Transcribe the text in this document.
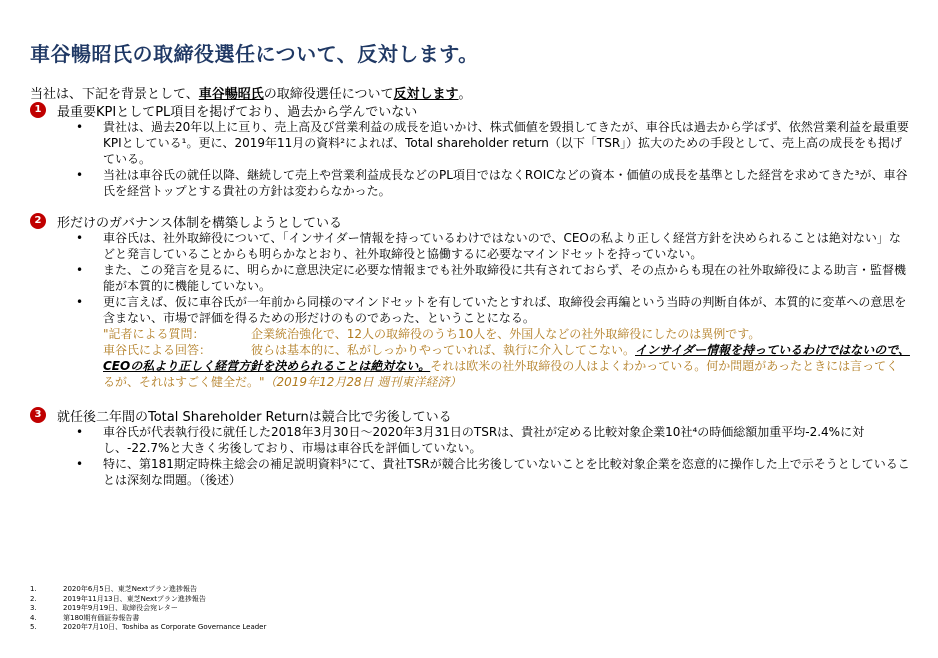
車谷暢昭氏の取締役選任について、反対します。
当社は、下記を背景として、車谷暢昭氏の取締役選任について反対します。
1	最重要KPIとしてPL項目を掲げており、過去から学んでいない
• 貴社は、過去20年以上に亘り、売上高及び営業利益の成長を追いかけ、株式価値を毀損してきたが、車谷氏は過去から学ばず、依然営業利益を最重要KPIとしている¹。更に、2019年11月の資料²によれば、Total shareholder return（以下「TSR」）拡大のための手段として、売上高の成長をも掲げている。
• 当社は車谷氏の就任以降、継続して売上や営業利益成長などのPL項目ではなくROICなどの資本・価値の成長を基準とした経営を求めてきた³が、車谷氏を経営トップとする貴社の方針は変わらなかった。
2	形だけのガバナンス体制を構築しようとしている
• 車谷氏は、社外取締役について、「インサイダー情報を持っているわけではないので、CEOの私より正しく経営方針を決められることは絶対ない」などと発言していることからも明らかなとおり、社外取締役と協働するに必要なマインドセットを持っていない。
• また、この発言を見るに、明らかに意思決定に必要な情報までも社外取締役に共有されておらず、その点からも現在の社外取締役による助言・監督機能が本質的に機能していない。
• 更に言えば、仮に車谷氏が一年前から同様のマインドセットを有していたとすれば、取締役会再編という当時の判断自体が、本質的に変革への意思を含まない、市場で評価を得るための形だけのものであった、ということになる。
"記者による質問：	企業統治強化で、12人の取締役のうち10人を、外国人などの社外取締役にしたのは異例です。
車谷氏による回答：	彼らは基本的に、私がしっかりやっていれば、執行に介入してこない。インサイダー情報を持っているわけではないので、CEOの私より正しく経営方針を決められることは絶対ない。それは欧米の社外取締役の人はよくわかっている。何か問題があったときには言ってくるが、それはすごく健全だ。"（2019年12月28日 週刊東洋経済）
3	就任後二年間のTotal Shareholder Returnは競合比で劣後している
• 車谷氏が代表執行役に就任した2018年3月30日～2020年3月31日のTSRは、貴社が定める比較対象企業10社⁴の時価総額加重平均-2.4%に対し、-22.7%と大きく劣後しており、市場は車谷氏を評価していない。
• 特に、第181期定時株主総会の補足説明資料⁵にて、貴社TSRが競合比劣後していないことを比較対象企業を恣意的に操作した上で示そうとしていることは深刻な問題。（後述）
1.	2020年6月5日、東芝Nextプラン進捗報告
2.	2019年11月13日、東芝Nextプラン進捗報告
3.	2019年9月19日、取締役会宛レター
4.	第180期有価証券報告書
5.	2020年7月10日、Toshiba as Corporate Governance Leader
